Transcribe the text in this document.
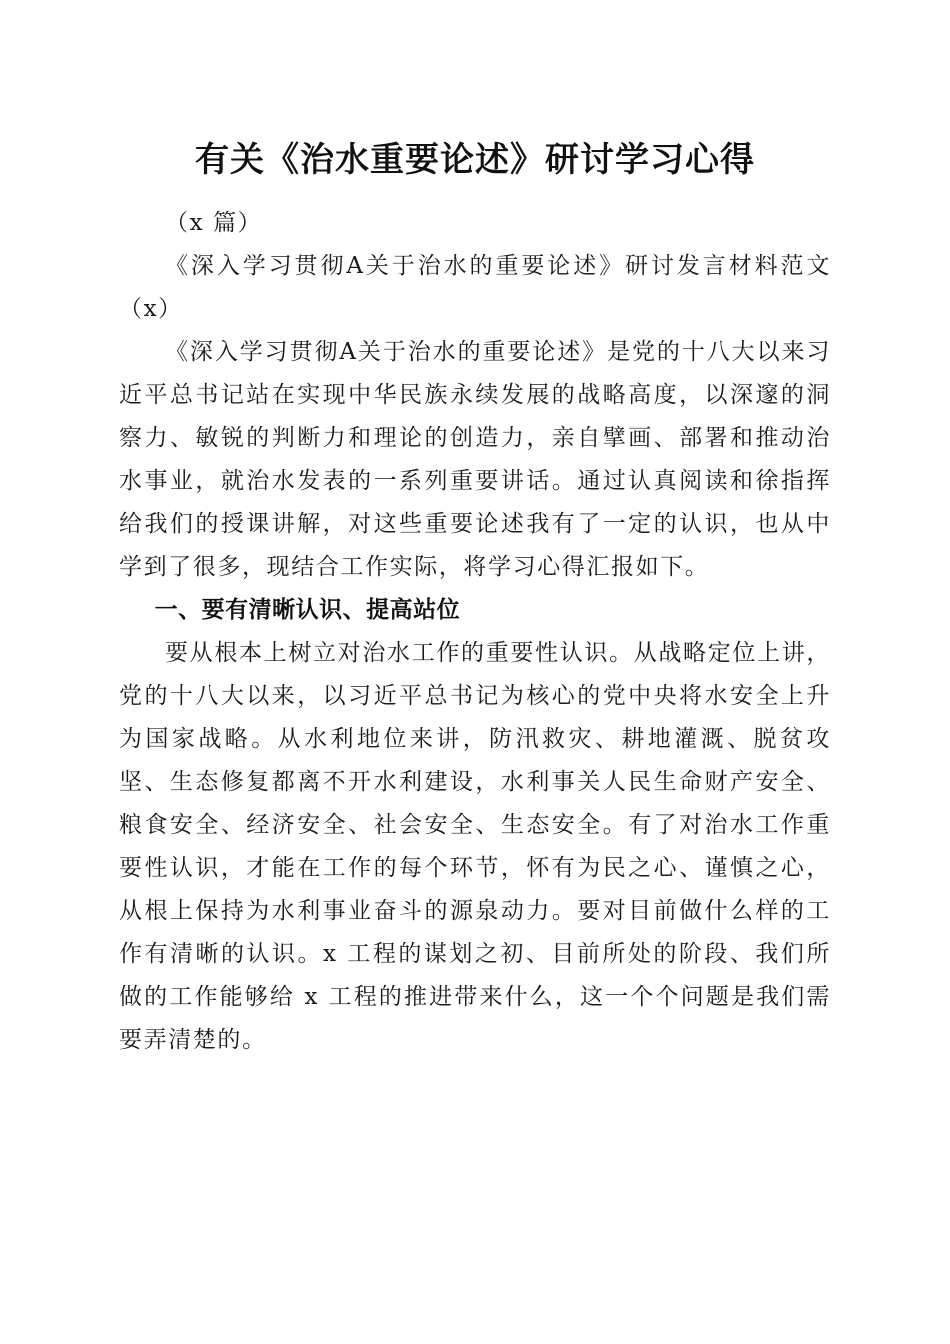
有关《治水重要论述》研讨学习心得

（x 篇）

《深入学习贯彻A关于治水的重要论述》研讨发言材料范文（x）

《深入学习贯彻A关于治水的重要论述》是党的十八大以来习近平总书记站在实现中华民族永续发展的战略高度，以深邃的洞察力、敏锐的判断力和理论的创造力，亲自擘画、部署和推动治水事业，就治水发表的一系列重要讲话。通过认真阅读和徐指挥给我们的授课讲解，对这些重要论述我有了一定的认识，也从中学到了很多，现结合工作实际，将学习心得汇报如下。

一、要有清晰认识、提高站位

要从根本上树立对治水工作的重要性认识。从战略定位上讲，党的十八大以来，以习近平总书记为核心的党中央将水安全上升为国家战略。从水利地位来讲，防汛救灾、耕地灌溉、脱贫攻坚、生态修复都离不开水利建设，水利事关人民生命财产安全、粮食安全、经济安全、社会安全、生态安全。有了对治水工作重要性认识，才能在工作的每个环节，怀有为民之心、谨慎之心，从根上保持为水利事业奋斗的源泉动力。要对目前做什么样的工作有清晰的认识。x 工程的谋划之初、目前所处的阶段、我们所做的工作能够给 x 工程的推进带来什么，这一个个问题是我们需要弄清楚的。
